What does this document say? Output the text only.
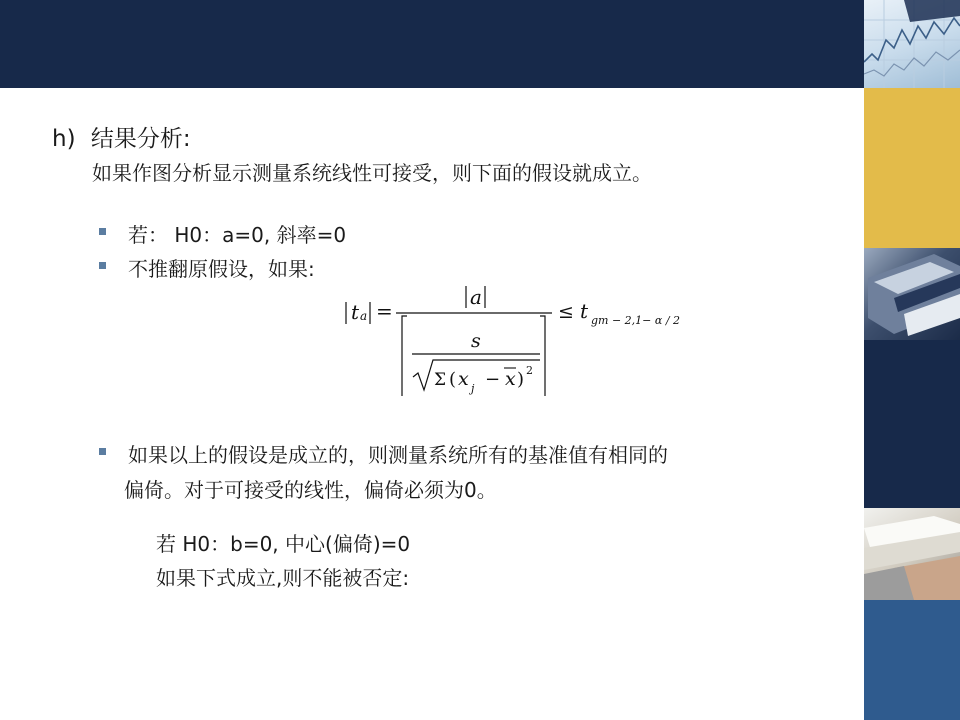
h) 结果分析:
如果作图分析显示测量系统线性可接受，则下面的假设就成立。
若： H0：a=0, 斜率=0
不推翻原假设，如果:
t a =
a
s
Σ ( x j − x ) 2
≤ t gm − 2,1− α / 2
如果以上的假设是成立的，则测量系统所有的基准值有相同的
偏倚。对于可接受的线性，偏倚必须为0。
若 H0：b=0, 中心(偏倚)=0
如果下式成立,则不能被否定:
